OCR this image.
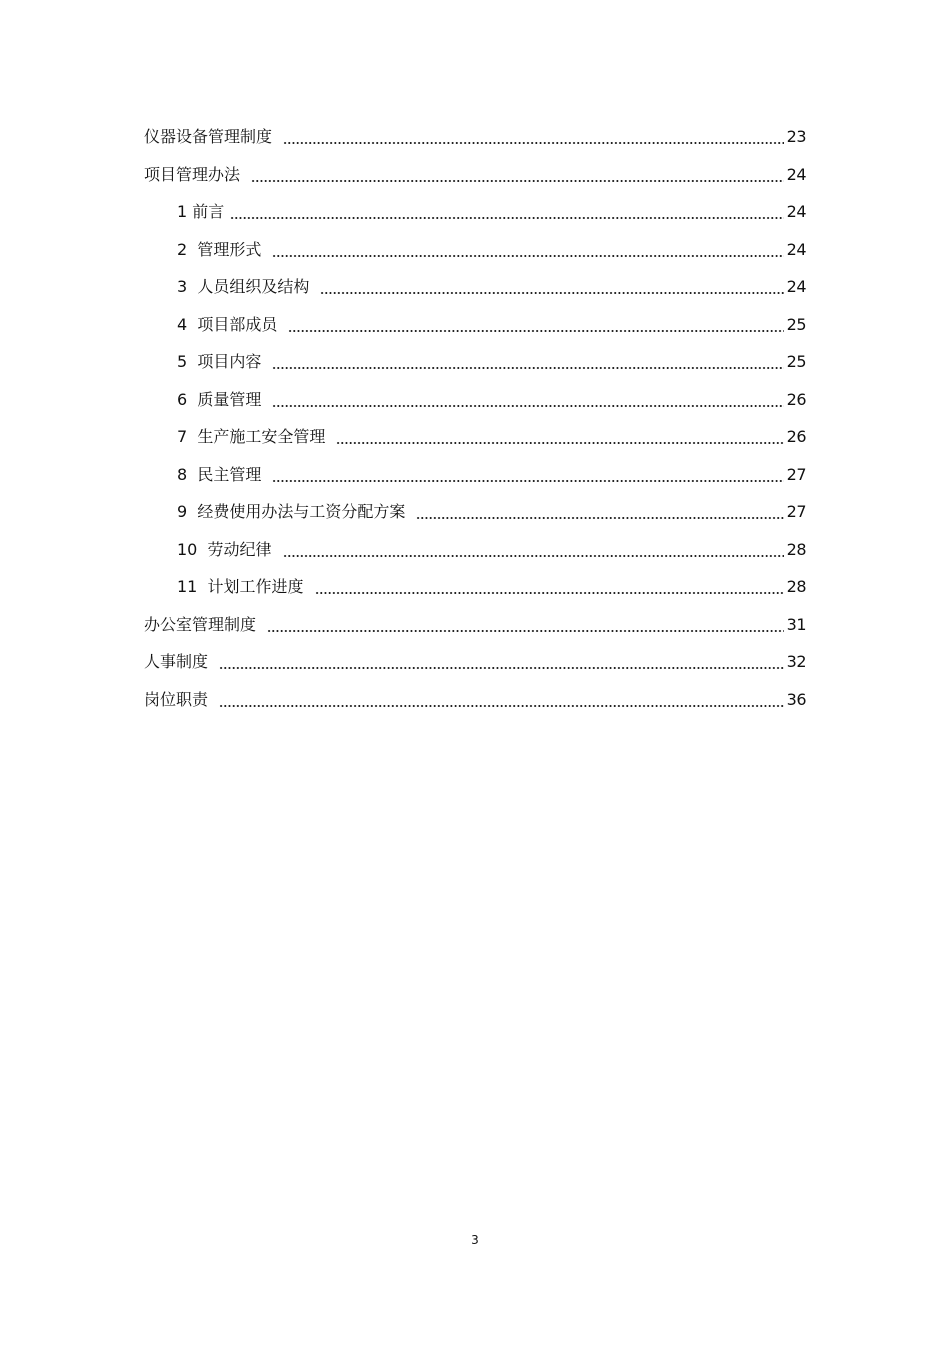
仪器设备管理制度	23
项目管理办法	24
1 前言	24
2  管理形式	24
3  人员组织及结构	24
4  项目部成员	25
5  项目内容	25
6  质量管理	26
7  生产施工安全管理	26
8  民主管理	27
9  经费使用办法与工资分配方案	27
10  劳动纪律	28
11  计划工作进度	28
办公室管理制度	31
人事制度	32
岗位职责	36
3
